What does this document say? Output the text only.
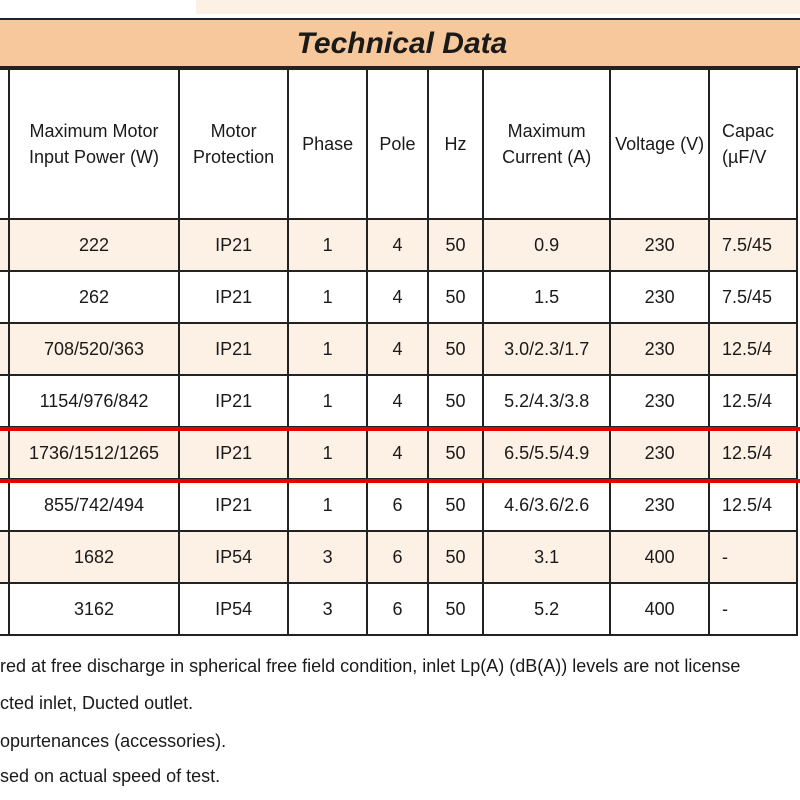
Technical Data
	Maximum Motor Input Power (W)	Motor Protection	Phase	Pole	Hz	Maximum Current (A)	Voltage (V)	Capac (µF/V
	222	IP21	1	4	50	0.9	230	7.5/45
	262	IP21	1	4	50	1.5	230	7.5/45
	708/520/363	IP21	1	4	50	3.0/2.3/1.7	230	12.5/4
	1154/976/842	IP21	1	4	50	5.2/4.3/3.8	230	12.5/4
	1736/1512/1265	IP21	1	4	50	6.5/5.5/4.9	230	12.5/4
	855/742/494	IP21	1	6	50	4.6/3.6/2.6	230	12.5/4
	1682	IP54	3	6	50	3.1	400	-
	3162	IP54	3	6	50	5.2	400	-
red at free discharge in spherical free field condition, inlet Lp(A) (dB(A)) levels are not license
cted inlet, Ducted outlet.
opurtenances (accessories).
sed on actual speed of test.
